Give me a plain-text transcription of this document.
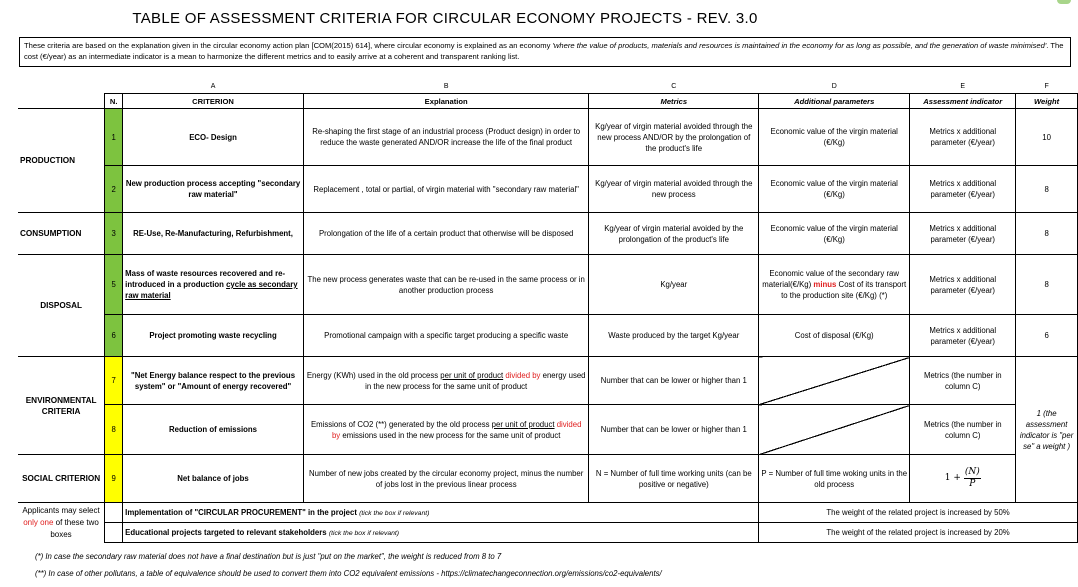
TABLE OF ASSESSMENT CRITERIA FOR CIRCULAR ECONOMY PROJECTS - REV. 3.0
These criteria are based on the explanation given in the circular economy action plan [COM(2015) 614], where circular economy is explained as an economy 'where the value of products, materials and resources is maintained in the economy for as long as possible, and the generation of waste minimised'. The cost (€/year) as an intermediate indicator is a mean to harmonize the different metrics and to easily arrive at a coherent and transparent ranking list.
		A	B	C	D	E	F
	N.	CRITERION	Explanation	Metrics	Additional parameters	Assessment indicator	Weight
PRODUCTION	1	ECO- Design	Re-shaping the first stage of an industrial process (Product design) in order to reduce the waste generated AND/OR increase the life of the final product	Kg/year of virgin material avoided through the new process AND/OR by the prolongation of the product's life	Economic value of the virgin material (€/Kg)	Metrics x additional parameter (€/year)	10
	2	New production process accepting "secondary raw material"	Replacement , total or partial, of virgin material with "secondary raw material"	Kg/year of virgin material avoided through the new process	Economic value of the virgin material (€/Kg)	Metrics x additional parameter (€/year)	8
CONSUMPTION	3	RE-Use, Re-Manufacturing, Refurbishment,	Prolongation of the life of a certain product that otherwise will be disposed	Kg/year of virgin material avoided by the prolongation of the product's life	Economic value of the virgin material (€/Kg)	Metrics x additional parameter (€/year)	8
DISPOSAL	5	Mass of waste resources recovered and re-introduced in a production cycle as secondary raw material	The new process generates waste that can be re-used in the same process or in another production process	Kg/year	Economic value of the secondary raw material(€/Kg) minus Cost of its transport to the production site (€/Kg) (*)	Metrics x additional parameter (€/year)	8
	6	Project promoting waste recycling	Promotional campaign with a specific target producing a specific waste	Waste produced by the target Kg/year	Cost of disposal (€/Kg)	Metrics x additional parameter (€/year)	6
ENVIRONMENTAL CRITERIA	7	"Net Energy balance respect to the previous system" or "Amount of energy recovered"	Energy (KWh) used in the old process per unit of product divided by energy used in the new process for the same unit of product	Number that can be lower or higher than 1		Metrics (the number in column C)	1 (the assessment indicator is "per se" a weight )
	8	Reduction of emissions	Emissions of CO2 (**) generated by the old process per unit of product divided by emissions used in the new process for the same unit of product	Number that can be lower or higher than 1		Metrics (the number in column C)	
SOCIAL CRITERION	9	Net balance of jobs	Number of new jobs created by the circular economy project, minus the number of jobs lost in the previous linear process	N = Number of full time working units (can be positive or negative)	P = Number of full time woking units in the old process	$1 + \frac{(N)}{P}$

		Implementation of "CIRCULAR PROCUREMENT" in the project (tick the box if relevant)			The weight of the related project is increased by 50%		
		Educational projects targeted to relevant stakeholders (tick the box if relevant)			The weight of the related project is increased by 20%		
Applicants may select only one of these two boxes
(*) In case the secondary raw material does not have a final destination but is just "put on the market", the weight is reduced from 8 to 7
(**) In case of other pollutans, a table of equivalence should be used to convert them into CO2 equivalent emissions - https://climatechangeconnection.org/emissions/co2-equivalents/
